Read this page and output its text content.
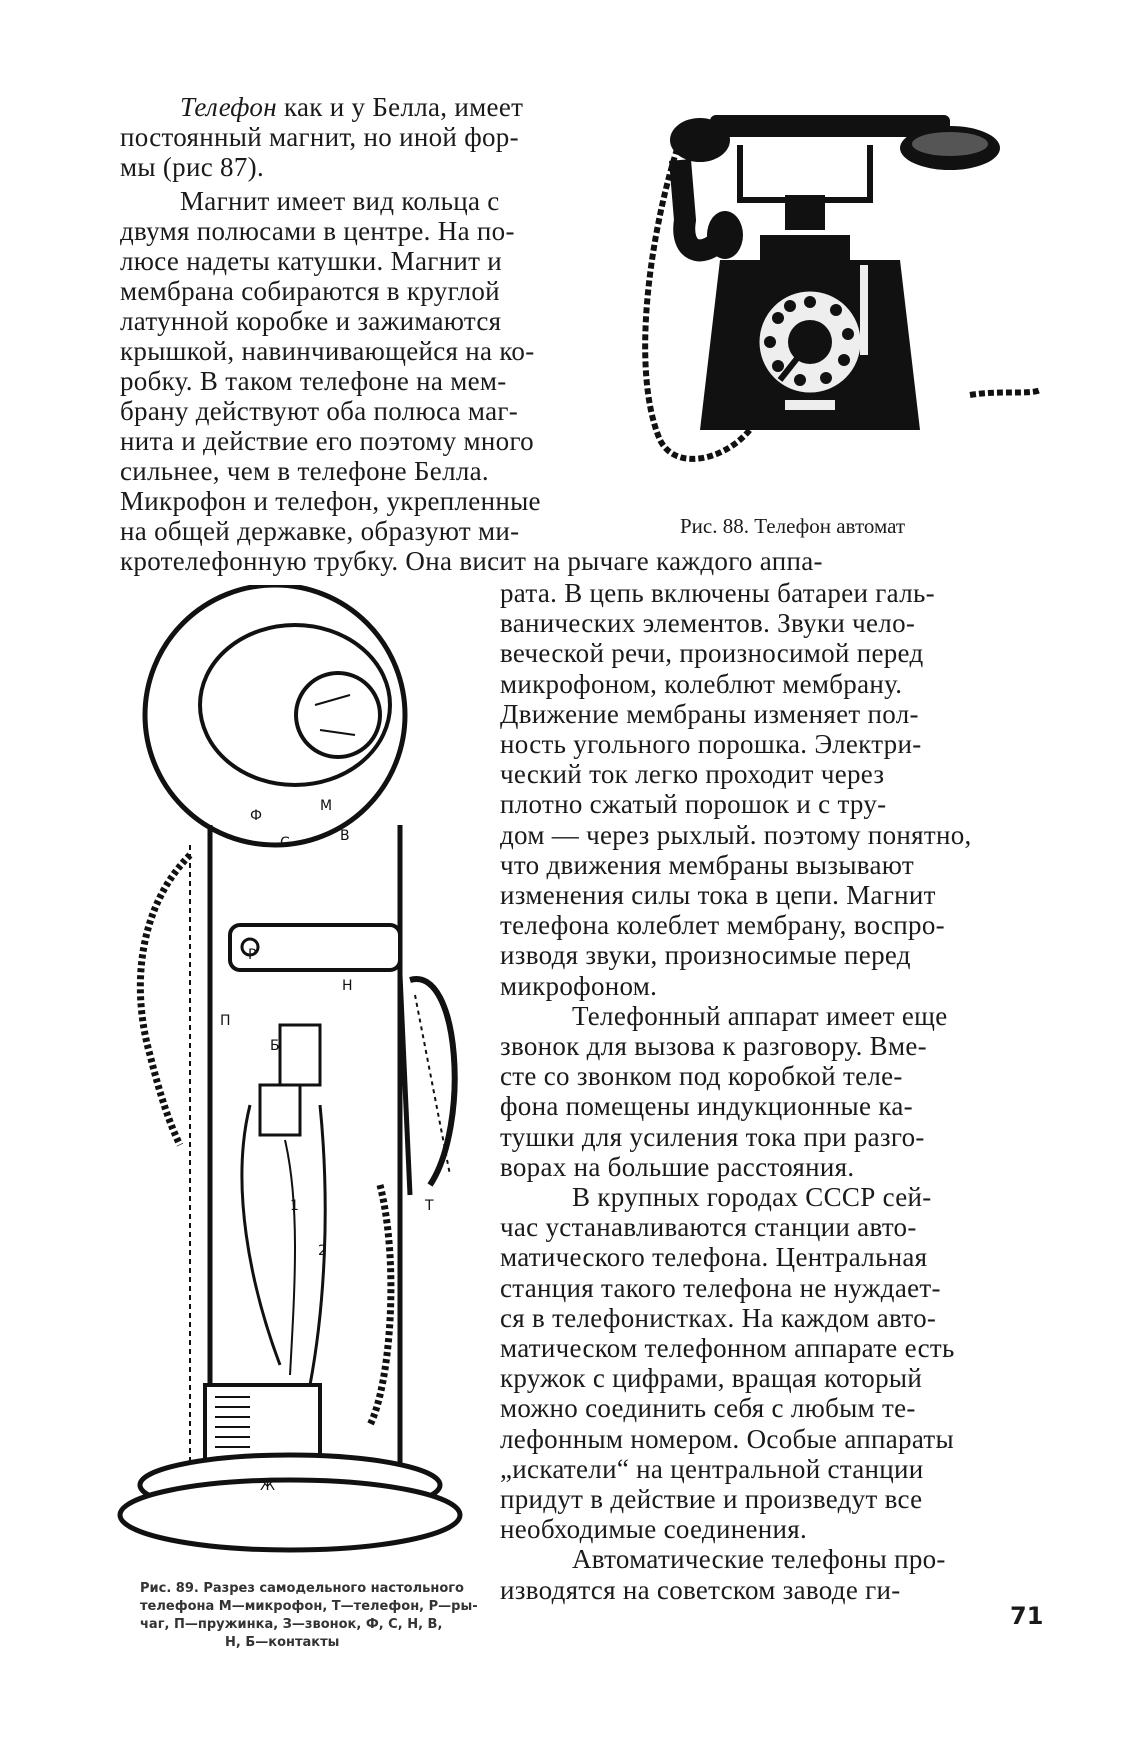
Телефон как и у Белла, имеет
постоянный магнит, но иной фор-
мы (рис 87).
Магнит имеет вид кольца с
двумя полюсами в центре. На по-
люсе надеты катушки. Магнит и
мембрана собираются в круглой
латунной коробке и зажимаются
крышкой, навинчивающейся на ко-
робку. В таком телефоне на мем-
брану действуют оба полюса маг-
нита и действие его поэтому много
сильнее, чем в телефоне Белла.
Микрофон и телефон, укрепленные
на общей державке, образуют ми-
кротелефонную трубку. Она висит на рычаге каждого аппа-
рата. В цепь включены батареи галь-
ванических элементов. Звуки чело-
веческой речи, произносимой перед
микрофоном, колеблют мембрану.
Движение мембраны изменяет пол-
ность угольного порошка. Электри-
ческий ток легко проходит через
плотно сжатый порошок и с тру-
дом — через рыхлый. поэтому понятно,
что движения мембраны вызывают
изменения силы тока в цепи. Магнит
телефона колеблет мембрану, воспро-
изводя звуки, произносимые перед
микрофоном.
Телефонный аппарат имеет еще
звонок для вызова к разговору. Вме-
сте со звонком под коробкой теле-
фона помещены индукционные ка-
тушки для усиления тока при разго-
ворах на большие расстояния.
В крупных городах СССР сей-
час устанавливаются станции авто-
матического телефона. Центральная
станция такого телефона не нуждает-
ся в телефонистках. На каждом авто-
матическом телефонном аппарате есть
кружок с цифрами, вращая который
можно соединить себя с любым те-
лефонным номером. Особые аппараты
„искатели“ на центральной станции
придут в действие и произведут все
необходимые соединения.
Автоматические телефоны про-
изводятся на советском заводе ги-
Рис. 88. Телефон автомат
Ф
М
С	В
Р
Н
П
Б
Т
1
2
Ж
Рис. 89. Разрез самодельного настольного
телефона М—микрофон, Т—телефон, Р—ры-
чаг, П—пружинка, З—звонок, Ф, С, Н, В,
Н, Б—контакты
71
